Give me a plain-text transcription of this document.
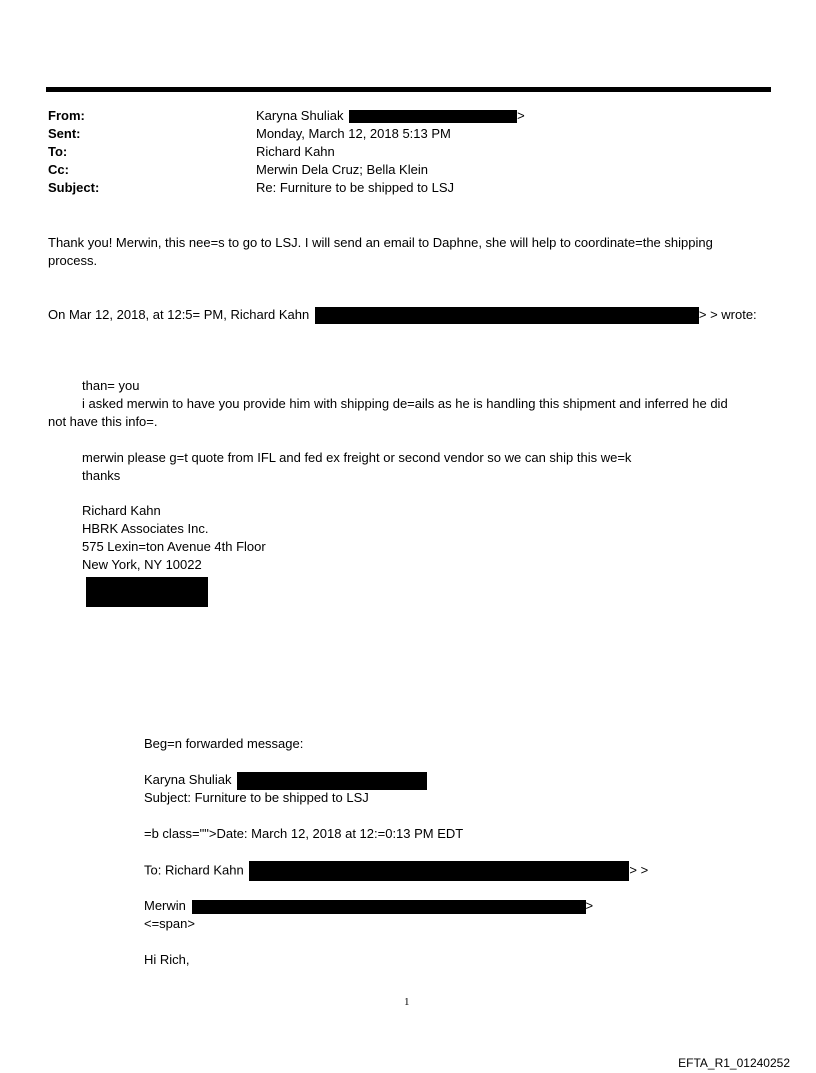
From:	Karyna Shuliak	>
Sent:	Monday, March 12, 2018 5:13 PM
To:	Richard Kahn
Cc:	Merwin Dela Cruz; Bella Klein
Subject:	Re: Furniture to be shipped to LSJ
Thank you! Merwin, this nee=s to go to LSJ. I will send an email to Daphne, she will help to coordinate=the shipping
process.
On Mar 12, 2018, at 12:5= PM, Richard Kahn	> > wrote:
than= you
i asked merwin to have you provide him with shipping de=ails as he is handling this shipment and inferred he did
not have this info=.
merwin please g=t quote from IFL and fed ex freight or second vendor so we can ship this we=k
thanks
Richard Kahn
HBRK Associates Inc.
575 Lexin=ton Avenue 4th Floor
New York, NY 10022
Beg=n forwarded message:
Karyna Shuliak
Subject: Furniture to be shipped to LSJ
=b class="">Date: March 12, 2018 at 12:=0:13 PM EDT
To: Richard Kahn	> >
Merwin	>
<=span>
Hi Rich,
1
EFTA_R1_01240252
